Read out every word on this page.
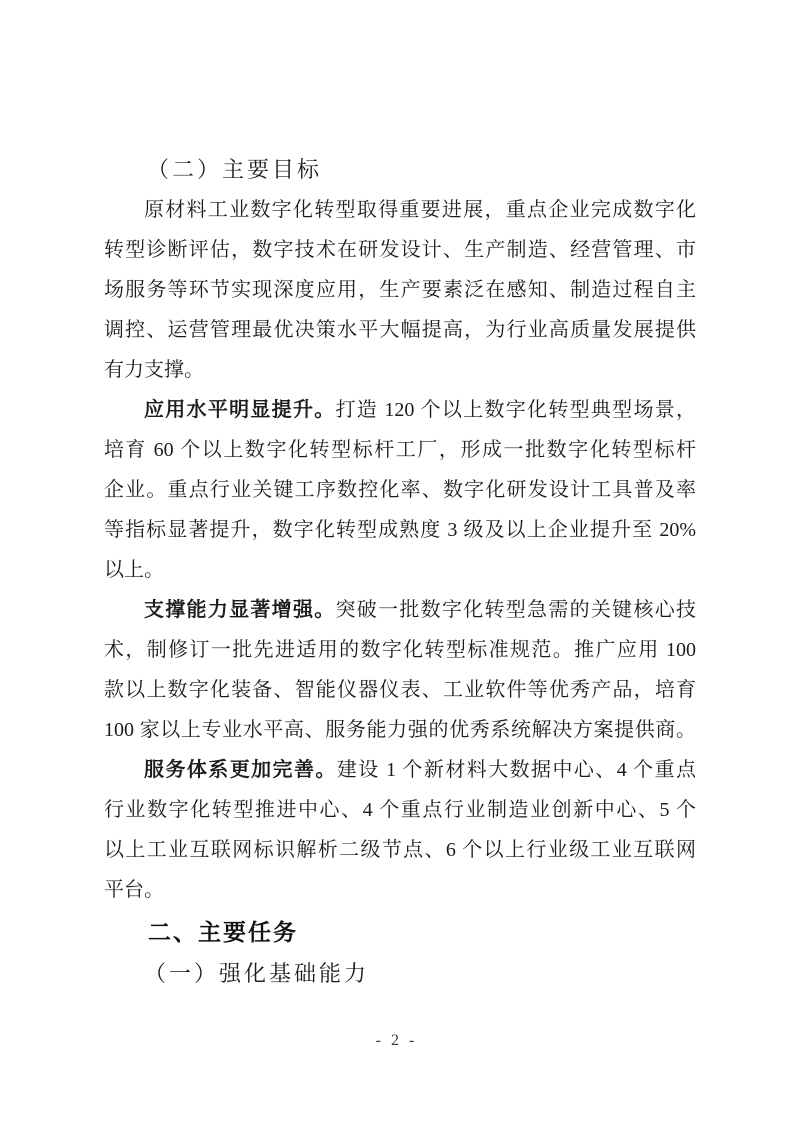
（二）主要目标
原材料工业数字化转型取得重要进展，重点企业完成数字化
转型诊断评估，数字技术在研发设计、生产制造、经营管理、市
场服务等环节实现深度应用，生产要素泛在感知、制造过程自主
调控、运营管理最优决策水平大幅提高，为行业高质量发展提供
有力支撑。
应用水平明显提升。打造 120 个以上数字化转型典型场景，
培育 60 个以上数字化转型标杆工厂，形成一批数字化转型标杆
企业。重点行业关键工序数控化率、数字化研发设计工具普及率
等指标显著提升，数字化转型成熟度 3 级及以上企业提升至 20%
以上。
支撑能力显著增强。突破一批数字化转型急需的关键核心技
术，制修订一批先进适用的数字化转型标准规范。推广应用 100
款以上数字化装备、智能仪器仪表、工业软件等优秀产品，培育
100 家以上专业水平高、服务能力强的优秀系统解决方案提供商。
服务体系更加完善。建设 1 个新材料大数据中心、4 个重点
行业数字化转型推进中心、4 个重点行业制造业创新中心、5 个
以上工业互联网标识解析二级节点、6 个以上行业级工业互联网
平台。
二、主要任务
（一）强化基础能力
- 2 -
